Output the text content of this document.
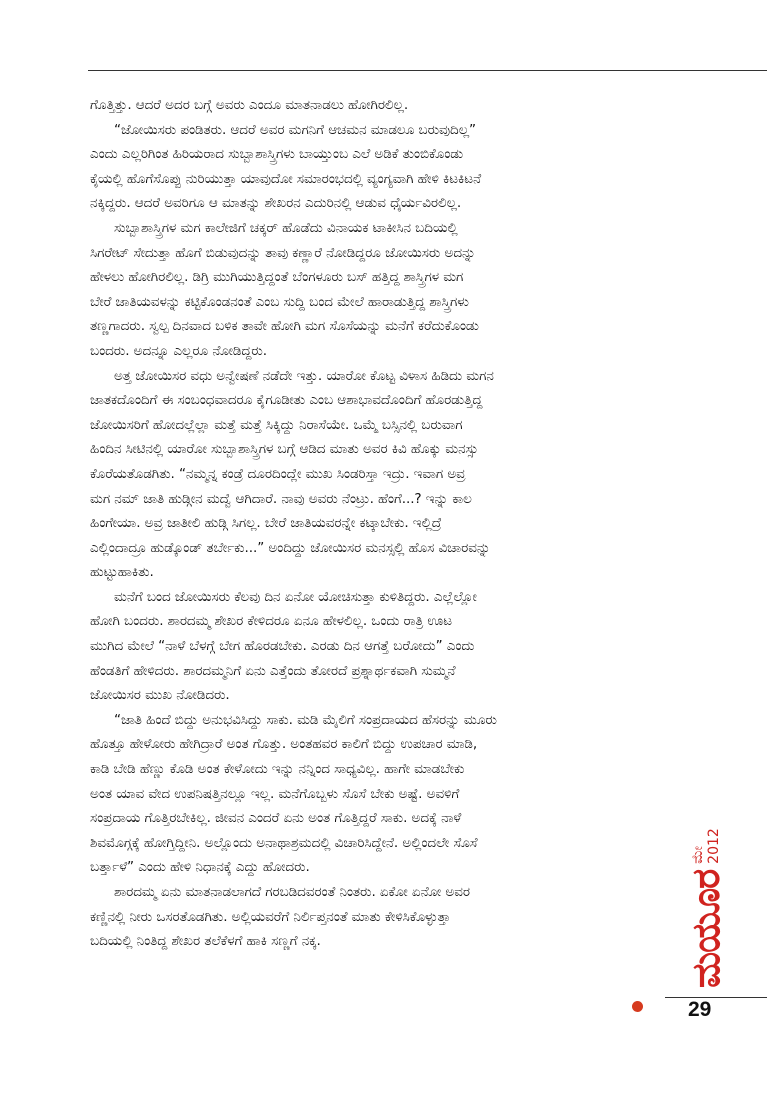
ಗೊತ್ತಿತ್ತು. ಆದರೆ ಅದರ ಬಗ್ಗೆ ಅವರು ಎಂದೂ ಮಾತನಾಡಲು ಹೋಗಿರಲಿಲ್ಲ.
“ಜೋಯಿಸರು ಪಂಡಿತರು. ಆದರೆ ಅವರ ಮಗನಿಗೆ ಆಚಮನ ಮಾಡಲೂ ಬರುವುದಿಲ್ಲ”
ಎಂದು ಎಲ್ಲರಿಗಿಂತ ಹಿರಿಯರಾದ ಸುಬ್ಬಾಶಾಸ್ತ್ರಿಗಳು ಬಾಯ್ತುಂಬ ಎಲೆ ಅಡಿಕೆ ತುಂಬಿಕೊಂಡು
ಕೈಯಲ್ಲಿ ಹೊಗೆಸೊಪ್ಪು ನುರಿಯುತ್ತಾ ಯಾವುದೋ ಸಮಾರಂಭದಲ್ಲಿ ವ್ಯಂಗ್ಯವಾಗಿ ಹೇಳಿ ಕಿಟಕಿಟನೆ
ನಕ್ಕಿದ್ದರು. ಆದರೆ ಅವರಿಗೂ ಆ ಮಾತನ್ನು ಶೇಖರನ ಎದುರಿನಲ್ಲಿ ಆಡುವ ಧೈರ್ಯವಿರಲಿಲ್ಲ.
ಸುಬ್ಬಾಶಾಸ್ತ್ರಿಗಳ ಮಗ ಕಾಲೇಜಿಗೆ ಚಕ್ಕರ್ ಹೊಡೆದು ವಿನಾಯಕ ಟಾಕೀಸಿನ ಬದಿಯಲ್ಲಿ
ಸಿಗರೇಟ್ ಸೇದುತ್ತಾ ಹೊಗೆ ಬಿಡುವುದನ್ನು ತಾವು ಕಣ್ಣಾರೆ ನೋಡಿದ್ದರೂ ಜೋಯಿಸರು ಅದನ್ನು
ಹೇಳಲು ಹೋಗಿರಲಿಲ್ಲ. ಡಿಗ್ರಿ ಮುಗಿಯುತ್ತಿದ್ದಂತೆ ಬೆಂಗಳೂರು ಬಸ್ ಹತ್ತಿದ್ದ ಶಾಸ್ತ್ರಿಗಳ ಮಗ
ಬೇರೆ ಜಾತಿಯವಳನ್ನು ಕಟ್ಟಿಕೊಂಡನಂತೆ ಎಂಬ ಸುದ್ದಿ ಬಂದ ಮೇಲೆ ಹಾರಾಡುತ್ತಿದ್ದ ಶಾಸ್ತ್ರಿಗಳು
ತಣ್ಣಗಾದರು. ಸ್ವಲ್ಪ ದಿನವಾದ ಬಳಿಕ ತಾವೇ ಹೋಗಿ ಮಗ ಸೊಸೆಯನ್ನು ಮನೆಗೆ ಕರೆದುಕೊಂಡು
ಬಂದರು. ಅದನ್ನೂ ಎಲ್ಲರೂ ನೋಡಿದ್ದರು.
ಅತ್ತ ಜೋಯಿಸರ ವಧು ಅನ್ವೇಷಣೆ ನಡೆದೇ ಇತ್ತು. ಯಾರೋ ಕೊಟ್ಟ ವಿಳಾಸ ಹಿಡಿದು ಮಗನ
ಜಾತಕದೊಂದಿಗೆ ಈ ಸಂಬಂಧವಾದರೂ ಕೈಗೂಡೀತು ಎಂಬ ಆಶಾಭಾವದೊಂದಿಗೆ ಹೊರಡುತ್ತಿದ್ದ
ಜೋಯಿಸರಿಗೆ ಹೋದಲ್ಲೆಲ್ಲಾ ಮತ್ತೆ ಮತ್ತೆ ಸಿಕ್ಕಿದ್ದು ನಿರಾಸೆಯೇ. ಒಮ್ಮೆ ಬಸ್ಸಿನಲ್ಲಿ ಬರುವಾಗ
ಹಿಂದಿನ ಸೀಟಿನಲ್ಲಿ ಯಾರೋ ಸುಬ್ಬಾಶಾಸ್ತ್ರಿಗಳ ಬಗ್ಗೆ ಆಡಿದ ಮಾತು ಅವರ ಕಿವಿ ಹೊಕ್ಕು ಮನಸ್ಸು
ಕೊರೆಯತೊಡಗಿತು. “ನಮ್ಮನ್ನ ಕಂಡ್ರೆ ದೂರದಿಂದ್ಲೇ ಮುಖ ಸಿಂಡರಿಸ್ತಾ ಇದ್ರು. ಇವಾಗ ಅವ್ರ
ಮಗ ನಮ್ ಜಾತಿ ಹುಡ್ಗೀನ ಮದ್ವೆ ಆಗಿದಾರೆ. ನಾವು ಅವರು ನೆಂಟ್ರು. ಹೆಂಗೆ...? ಇನ್ನು ಕಾಲ
ಹಿಂಗೇಯಾ. ಅವ್ರ ಜಾತೀಲಿ ಹುಡ್ಗಿ ಸಿಗಲ್ಲ. ಬೇರೆ ಜಾತಿಯವರನ್ನೇ ಕಟ್ಕಾಬೇಕು. ಇಲ್ಲಿದ್ರೆ
ಎಲ್ಲಿಂದಾದ್ರೂ ಹುಡ್ಕೊಂಡ್ ತರ್ಬೇಕು...” ಅಂದಿದ್ದು ಜೋಯಿಸರ ಮನಸ್ಸಲ್ಲಿ ಹೊಸ ವಿಚಾರವನ್ನು
ಹುಟ್ಟುಹಾಕಿತು.
ಮನೆಗೆ ಬಂದ ಜೋಯಿಸರು ಕೆಲವು ದಿನ ಏನೋ ಯೋಚಿಸುತ್ತಾ ಕುಳಿತಿದ್ದರು. ಎಲ್ಲೆಲ್ಲೋ
ಹೋಗಿ ಬಂದರು. ಶಾರದಮ್ಮ ಶೇಖರ ಕೇಳಿದರೂ ಏನೂ ಹೇಳಲಿಲ್ಲ. ಒಂದು ರಾತ್ರಿ ಊಟ
ಮುಗಿದ ಮೇಲೆ “ನಾಳೆ ಬೆಳಗ್ಗೆ ಬೇಗ ಹೊರಡಬೇಕು. ಎರಡು ದಿನ ಆಗತ್ತೆ ಬರೋದು” ಎಂದು
ಹೆಂಡತಿಗೆ ಹೇಳಿದರು. ಶಾರದಮ್ಮನಿಗೆ ಏನು ಎತ್ತೆಂದು ತೋರದೆ ಪ್ರಶ್ನಾರ್ಥಕವಾಗಿ ಸುಮ್ಮನೆ
ಜೋಯಿಸರ ಮುಖ ನೋಡಿದರು.
“ಜಾತಿ ಹಿಂದೆ ಬಿದ್ದು ಅನುಭವಿಸಿದ್ದು ಸಾಕು. ಮಡಿ ಮೈಲಿಗೆ ಸಂಪ್ರದಾಯದ ಹೆಸರನ್ನು ಮೂರು
ಹೊತ್ತೂ ಹೇಳೋರು ಹೇಗಿದ್ರಾರೆ ಅಂತ ಗೊತ್ತು. ಅಂತಹವರ ಕಾಲಿಗೆ ಬಿದ್ದು ಉಪಚಾರ ಮಾಡಿ,
ಕಾಡಿ ಬೇಡಿ ಹೆಣ್ಣು ಕೊಡಿ ಅಂತ ಕೇಳೋದು ಇನ್ನು ನನ್ನಿಂದ ಸಾಧ್ಯವಿಲ್ಲ. ಹಾಗೇ ಮಾಡಬೇಕು
ಅಂತ ಯಾವ ವೇದ ಉಪನಿಷತ್ತಿನಲ್ಲೂ ಇಲ್ಲ. ಮನೆಗೊಬ್ಬಳು ಸೊಸೆ ಬೇಕು ಅಷ್ಟೆ. ಅವಳಿಗೆ
ಸಂಪ್ರದಾಯ ಗೊತ್ತಿರಬೇಕಿಲ್ಲ. ಜೀವನ ಎಂದರೆ ಏನು ಅಂತ ಗೊತ್ತಿದ್ದರೆ ಸಾಕು. ಅದಕ್ಕೆ ನಾಳೆ
ಶಿವಮೊಗ್ಗಕ್ಕೆ ಹೋಗ್ತಿದ್ದೀನಿ. ಅಲ್ಲೊಂದು ಅನಾಥಾಶ್ರಮದಲ್ಲಿ ವಿಚಾರಿಸಿದ್ದೇನೆ. ಅಲ್ಲಿಂದಲೇ ಸೊಸೆ
ಬರ್ತ್ತಾಳೆ” ಎಂದು ಹೇಳಿ ನಿಧಾನಕ್ಕೆ ಎದ್ದು ಹೋದರು.
ಶಾರದಮ್ಮ ಏನು ಮಾತನಾಡಲಾಗದೆ ಗರಬಡಿದವರಂತೆ ನಿಂತರು. ಏಕೋ ಏನೋ ಅವರ
ಕಣ್ಣಿನಲ್ಲಿ ನೀರು ಒಸರತೊಡಗಿತು. ಅಲ್ಲಿಯವರೆಗೆ ನಿರ್ಲಿಪ್ತನಂತೆ ಮಾತು ಕೇಳಿಸಿಕೊಳ್ಳುತ್ತಾ
ಬದಿಯಲ್ಲಿ ನಿಂತಿದ್ದ ಶೇಖರ ತಲೆಕೆಳಗೆ ಹಾಕಿ ಸಣ್ಣಗೆ ನಕ್ಕ.	ಮಯೂರ
ಮೇ 2012
29
